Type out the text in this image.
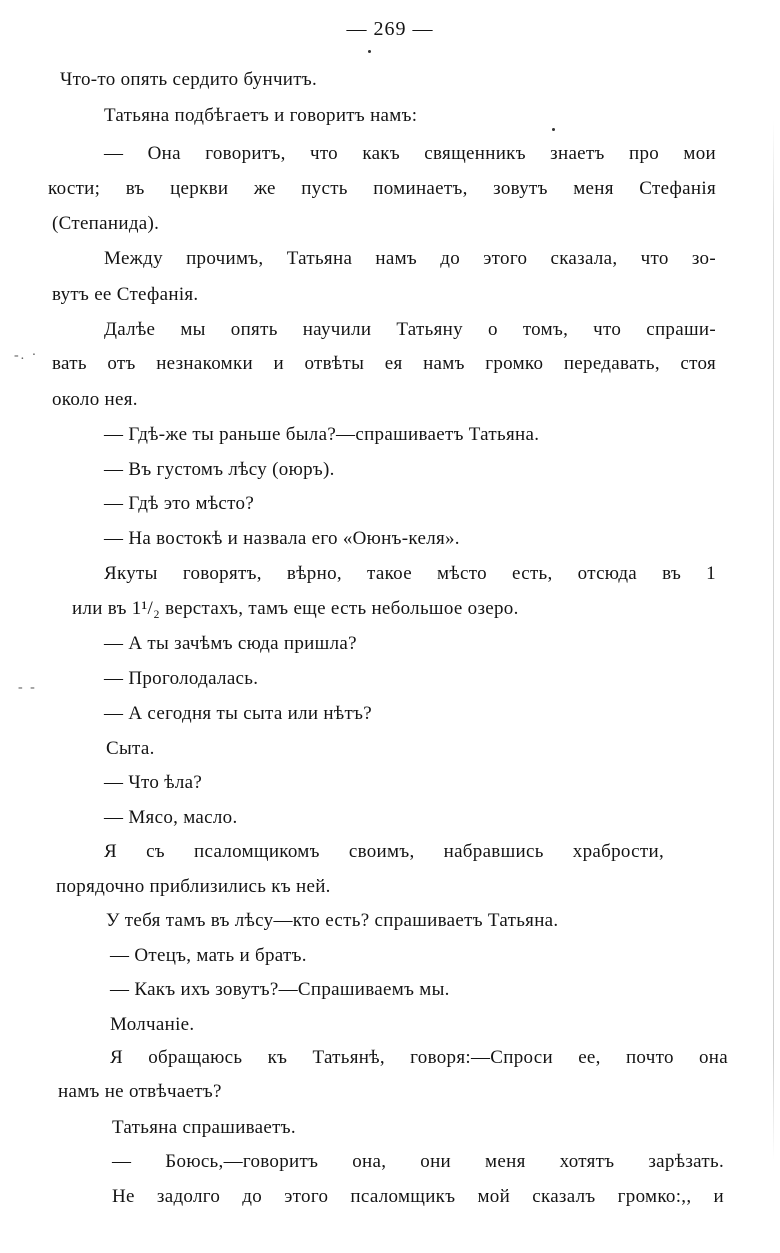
— 269 —
-. ·
- -
Что-то опять сердито бунчитъ.
Татьяна подбѣгаетъ и говоритъ намъ:
— Она говоритъ, что какъ священникъ знаетъ про мои
кости; въ церкви же пусть поминаетъ, зовутъ меня Стефанія
(Степанида).
Между прочимъ, Татьяна намъ до этого сказала, что зо-
вутъ ее Стефанія.
Далѣе мы опять научили Татьяну о томъ, что спраши-
вать отъ незнакомки и отвѣты ея намъ громко передавать, стоя
около нея.
— Гдѣ-же ты раньше была?—спрашиваетъ Татьяна.
— Въ густомъ лѣсу (оюръ).
— Гдѣ это мѣсто?
— На востокѣ и назвала его «Оюнъ-келя».
Якуты говорятъ, вѣрно, такое мѣсто есть, отсюда въ 1
или въ 1¹/₂ верстахъ, тамъ еще есть небольшое озеро.
— А ты зачѣмъ сюда пришла?
— Проголодалась.
— А сегодня ты сыта или нѣтъ?
Сыта.
— Что ѣла?
— Мясо, масло.
Я съ псаломщикомъ своимъ, набравшись храбрости,
порядочно приблизились къ ней.
У тебя тамъ въ лѣсу—кто есть? спрашиваетъ Татьяна.
— Отецъ, мать и братъ.
— Какъ ихъ зовутъ?—Спрашиваемъ мы.
Молчаніе.
Я обращаюсь къ Татьянѣ, говоря:—Спроси ее, почто она
намъ не отвѣчаетъ?
Татьяна спрашиваетъ.
— Боюсь,—говоритъ она, они меня хотятъ зарѣзать.
Не задолго до этого псаломщикъ мой сказалъ громко:,, и
